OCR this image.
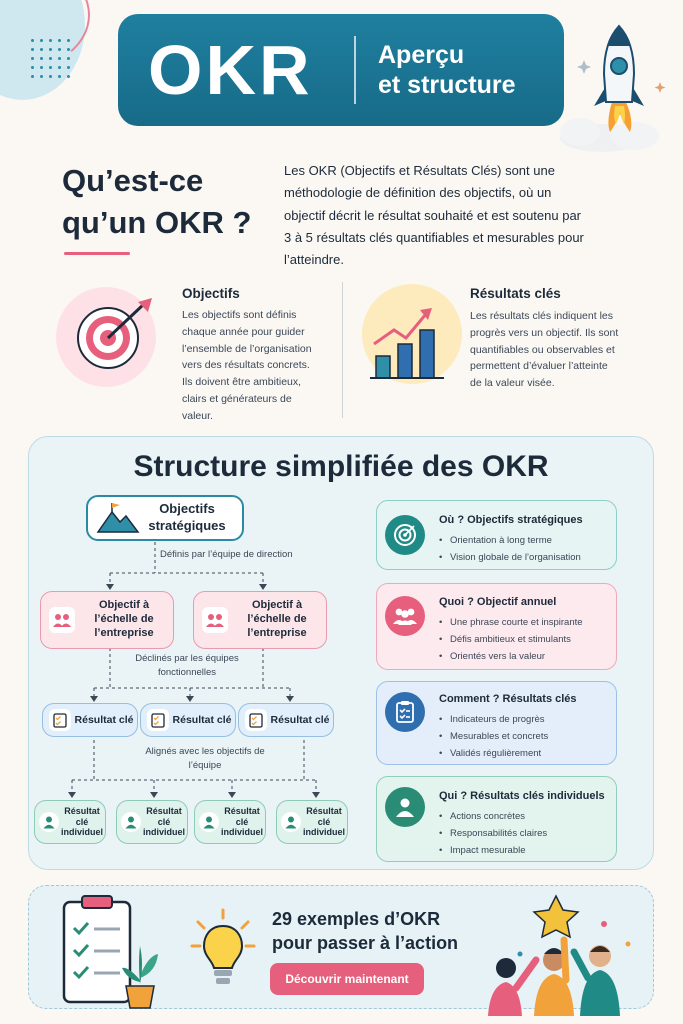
OKR	Aperçu
et structure
Qu’est-ce
qu’un OKR ?

Les OKR (Objectifs et Résultats Clés) sont une méthodologie de définition des objectifs, où un objectif décrit le résultat souhaité et est soutenu par 3 à 5 résultats clés quantifiables et mesurables pour l’atteindre.

Objectifs

Les objectifs sont définis chaque année pour guider l’ensemble de l’organisation vers des résultats concrets. Ils doivent être ambitieux, clairs et générateurs de valeur.

Résultats clés

Les résultats clés indiquent les progrès vers un objectif. Ils sont quantifiables ou observables et permettent d’évaluer l’atteinte de la valeur visée.

Structure simplifiée des OKR
Objectifs stratégiques
Définis par l’équipe de direction
Objectif à l’échelle de l’entreprise
Objectif à l’échelle de l’entreprise
Déclinés par les équipes fonctionnelles
Résultat clé	Résultat clé	Résultat clé
Alignés avec les objectifs de l’équipe
Résultat clé individuel
Résultat clé individuel
Résultat clé individuel
Résultat clé individuel
Où ? Objectifs stratégiques
• Orientation à long terme
• Vision globale de l’organisation
Quoi ? Objectif annuel
• Une phrase courte et inspirante
• Défis ambitieux et stimulants
• Orientés vers la valeur
Comment ? Résultats clés
• Indicateurs de progrès
• Mesurables et concrets
• Validés régulièrement
Qui ? Résultats clés individuels
• Actions concrètes
• Responsabilités claires
• Impact mesurable
29 exemples d’OKR
pour passer à l’action
Découvrir maintenant
